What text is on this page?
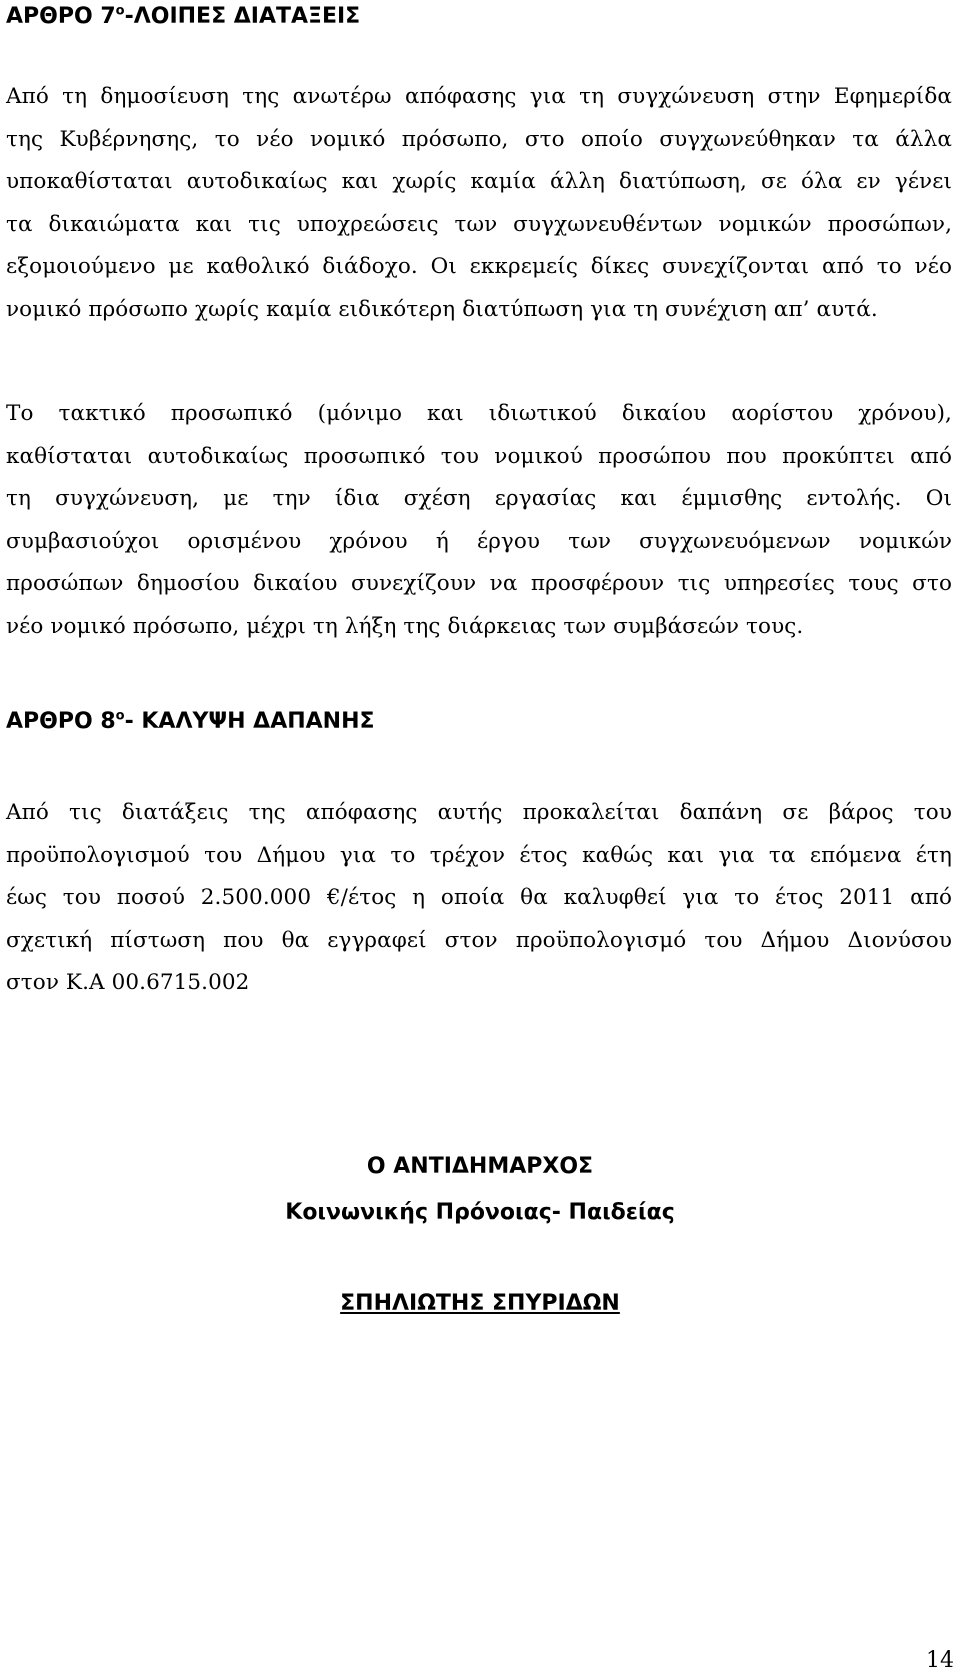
ΑΡΘΡΟ $7^o$-ΛΟΙΠΕΣ ΔΙΑΤΑΞΕΙΣ

Από τη δημοσίευση της ανωτέρω απόφασης για τη συγχώνευση στην Εφημερίδα
της Κυβέρνησης, το νέο νομικό πρόσωπο, στο οποίο συγχωνεύθηκαν τα άλλα
υποκαθίσταται αυτοδικαίως και χωρίς καμία άλλη διατύπωση, σε όλα εν γένει
τα δικαιώματα και τις υποχρεώσεις των συγχωνευθέντων νομικών προσώπων,
εξομοιούμενο με καθολικό διάδοχο. Οι εκκρεμείς δίκες συνεχίζονται από το νέο
νομικό πρόσωπο χωρίς καμία ειδικότερη διατύπωση για τη συνέχιση απ’ αυτά.

Το τακτικό προσωπικό (μόνιμο και ιδιωτικού δικαίου αορίστου χρόνου),
καθίσταται αυτοδικαίως προσωπικό του νομικού προσώπου που προκύπτει από
τη συγχώνευση, με την ίδια σχέση εργασίας και έμμισθης εντολής. Οι
συμβασιούχοι ορισμένου χρόνου ή έργου των συγχωνευόμενων νομικών
προσώπων δημοσίου δικαίου συνεχίζουν να προσφέρουν τις υπηρεσίες τους στο
νέο νομικό πρόσωπο, μέχρι τη λήξη της διάρκειας των συμβάσεών τους.

ΑΡΘΡΟ $8^o-$ ΚΑΛΥΨΗ ΔΑΠΑΝΗΣ

Από τις διατάξεις της απόφασης αυτής προκαλείται δαπάνη σε βάρος του
προϋπολογισμού του Δήμου για το τρέχον έτος καθώς και για τα επόμενα έτη
έως του ποσού 2.500.000 €/έτος η οποία θα καλυφθεί για το έτος 2011 από
σχετική πίστωση που θα εγγραφεί στον προϋπολογισμό του Δήμου Διονύσου
στον Κ.Α 00.6715.002

Ο ΑΝΤΙΔΗΜΑΡΧΟΣ

Κοινωνικής Πρόνοιας- Παιδείας

ΣΠΗΛΙΩΤΗΣ ΣΠΥΡΙΔΩΝ

14
